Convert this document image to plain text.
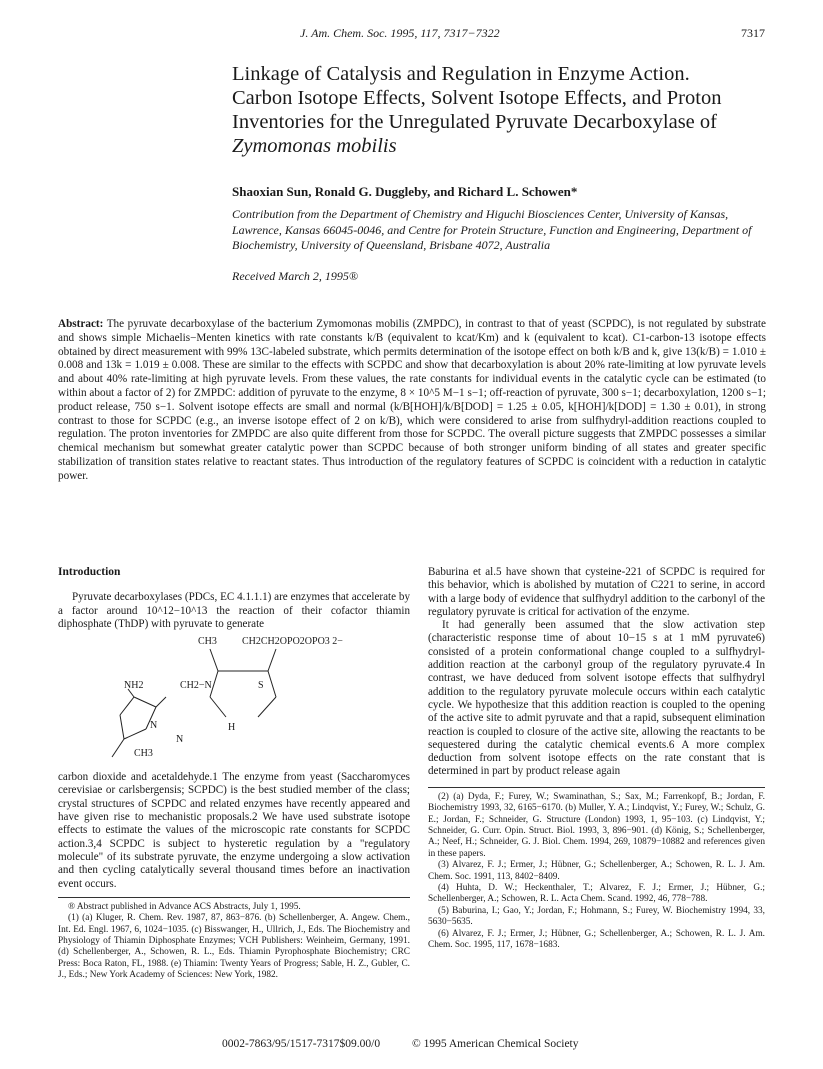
J. Am. Chem. Soc. 1995, 117, 7317−7322	7317
Linkage of Catalysis and Regulation in Enzyme Action.
Carbon Isotope Effects, Solvent Isotope Effects, and Proton
Inventories for the Unregulated Pyruvate Decarboxylase of
Zymomonas mobilis
Shaoxian Sun, Ronald G. Duggleby, and Richard L. Schowen*
Contribution from the Department of Chemistry and Higuchi Biosciences Center, University of Kansas, Lawrence, Kansas 66045-0046, and Centre for Protein Structure, Function and Engineering, Department of Biochemistry, University of Queensland, Brisbane 4072, Australia
Received March 2, 1995®
Abstract: The pyruvate decarboxylase of the bacterium Zymomonas mobilis (ZMPDC), in contrast to that of yeast (SCPDC), is not regulated by substrate and shows simple Michaelis−Menten kinetics with rate constants k/B (equivalent to kcat/Km) and k (equivalent to kcat). C1-carbon-13 isotope effects obtained by direct measurement with 99% 13C-labeled substrate, which permits determination of the isotope effect on both k/B and k, give 13(k/B) = 1.010 ± 0.008 and 13k = 1.019 ± 0.008. These are similar to the effects with SCPDC and show that decarboxylation is about 20% rate-limiting at low pyruvate levels and about 40% rate-limiting at high pyruvate levels. From these values, the rate constants for individual events in the catalytic cycle can be estimated (to within about a factor of 2) for ZMPDC: addition of pyruvate to the enzyme, 8 × 10^5 M−1 s−1; off-reaction of pyruvate, 300 s−1; decarboxylation, 1200 s−1; product release, 750 s−1. Solvent isotope effects are small and normal (k/B[HOH]/k/B[DOD] = 1.25 ± 0.05, k[HOH]/k[DOD] = 1.30 ± 0.01), in strong contrast to those for SCPDC (e.g., an inverse isotope effect of 2 on k/B), which were considered to arise from sulfhydryl-addition reactions coupled to regulation. The proton inventories for ZMPDC are also quite different from those for SCPDC. The overall picture suggests that ZMPDC possesses a similar chemical mechanism but somewhat greater catalytic power than SCPDC because of both stronger uniform binding of all states and greater specific stabilization of transition states relative to reactant states. Thus introduction of the regulatory features of SCPDC is coincident with a reduction in catalytic power.
Introduction

Pyruvate decarboxylases (PDCs, EC 4.1.1.1) are enzymes that accelerate by a factor around 10^12−10^13 the reaction of their cofactor thiamin diphosphate (ThDP) with pyruvate to generate

CH3	CH2CH2OPO2OPO3 2−
NH2	CH2−N	S
H
N
N
CH3

carbon dioxide and acetaldehyde.1 The enzyme from yeast (Saccharomyces cerevisiae or carlsbergensis; SCPDC) is the best studied member of the class; crystal structures of SCPDC and related enzymes have recently appeared and have given rise to mechanistic proposals.2 We have used substrate isotope effects to estimate the values of the microscopic rate constants for SCPDC action.3,4 SCPDC is subject to hysteretic regulation by a "regulatory molecule" of its substrate pyruvate, the enzyme undergoing a slow activation and then cycling catalytically several thousand times before an inactivation event occurs.

® Abstract published in Advance ACS Abstracts, July 1, 1995.
(1) (a) Kluger, R. Chem. Rev. 1987, 87, 863−876. (b) Schellenberger, A. Angew. Chem., Int. Ed. Engl. 1967, 6, 1024−1035. (c) Bisswanger, H., Ullrich, J., Eds. The Biochemistry and Physiology of Thiamin Diphosphate Enzymes; VCH Publishers: Weinheim, Germany, 1991. (d) Schellenberger, A., Schowen, R. L., Eds. Thiamin Pyrophosphate Biochemistry; CRC Press: Boca Raton, FL, 1988. (e) Thiamin: Twenty Years of Progress; Sable, H. Z., Gubler, C. J., Eds.; New York Academy of Sciences: New York, 1982.

Baburina et al.5 have shown that cysteine-221 of SCPDC is required for this behavior, which is abolished by mutation of C221 to serine, in accord with a large body of evidence that sulfhydryl addition to the carbonyl of the regulatory pyruvate is critical for activation of the enzyme.

It had generally been assumed that the slow activation step (characteristic response time of about 10−15 s at 1 mM pyruvate6) consisted of a protein conformational change coupled to a sulfhydryl-addition reaction at the carbonyl group of the regulatory pyruvate.4 In contrast, we have deduced from solvent isotope effects that sulfhydryl addition to the regulatory pyruvate molecule occurs within each catalytic cycle. We hypothesize that this addition reaction is coupled to the opening of the active site to admit pyruvate and that a rapid, subsequent elimination reaction is coupled to closure of the active site, allowing the reactants to be sequestered during the catalytic chemical events.6 A more complex deduction from solvent isotope effects on the rate constant that is determined in part by product release again

(2) (a) Dyda, F.; Furey, W.; Swaminathan, S.; Sax, M.; Farrenkopf, B.; Jordan, F. Biochemistry 1993, 32, 6165−6170. (b) Muller, Y. A.; Lindqvist, Y.; Furey, W.; Schulz, G. E.; Jordan, F.; Schneider, G. Structure (London) 1993, 1, 95−103. (c) Lindqvist, Y.; Schneider, G. Curr. Opin. Struct. Biol. 1993, 3, 896−901. (d) König, S.; Schellenberger, A.; Neef, H.; Schneider, G. J. Biol. Chem. 1994, 269, 10879−10882 and references given in these papers.
(3) Alvarez, F. J.; Ermer, J.; Hübner, G.; Schellenberger, A.; Schowen, R. L. J. Am. Chem. Soc. 1991, 113, 8402−8409.
(4) Huhta, D. W.; Heckenthaler, T.; Alvarez, F. J.; Ermer, J.; Hübner, G.; Schellenberger, A.; Schowen, R. L. Acta Chem. Scand. 1992, 46, 778−788.
(5) Baburina, I.; Gao, Y.; Jordan, F.; Hohmann, S.; Furey, W. Biochemistry 1994, 33, 5630−5635.
(6) Alvarez, F. J.; Ermer, J.; Hübner, G.; Schellenberger, A.; Schowen, R. L. J. Am. Chem. Soc. 1995, 117, 1678−1683.
0002-7863/95/1517-7317$09.00/0	© 1995 American Chemical Society
